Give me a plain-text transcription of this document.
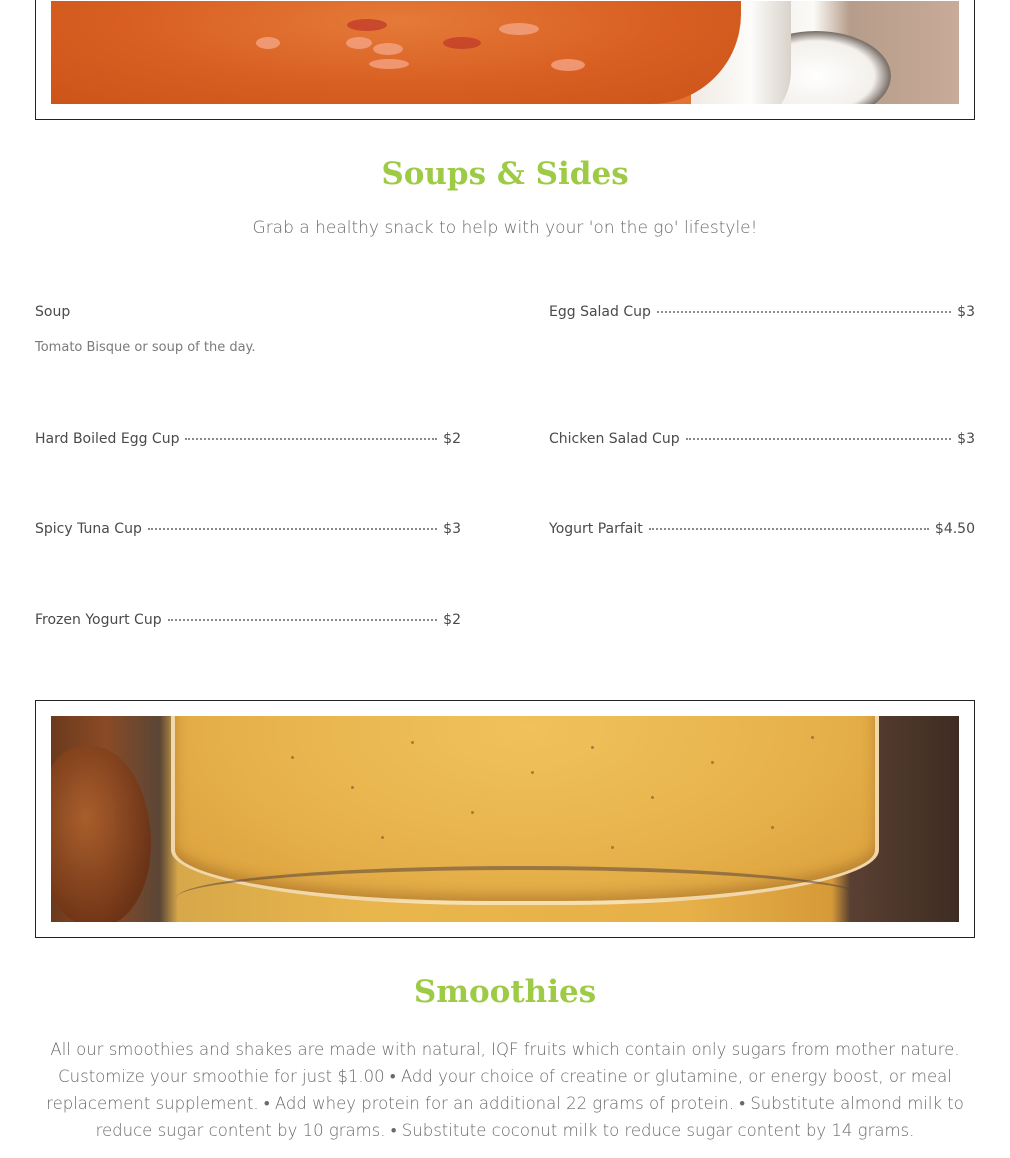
Soups & Sides
Grab a healthy snack to help with your 'on the go' lifestyle!
Soup
Tomato Bisque or soup of the day.
Egg Salad Cup	$3
Hard Boiled Egg Cup	$2	Chicken Salad Cup	$3
Spicy Tuna Cup	$3	Yogurt Parfait	$4.50
Frozen Yogurt Cup	$2
Smoothies

All our smoothies and shakes are made with natural, IQF fruits which contain only sugars from mother nature. Customize your smoothie for just $1.00 • Add your choice of creatine or glutamine, or energy boost, or meal replacement supplement. • Add whey protein for an additional 22 grams of protein. • Substitute almond milk to reduce sugar content by 10 grams. • Substitute coconut milk to reduce sugar content by 14 grams.
